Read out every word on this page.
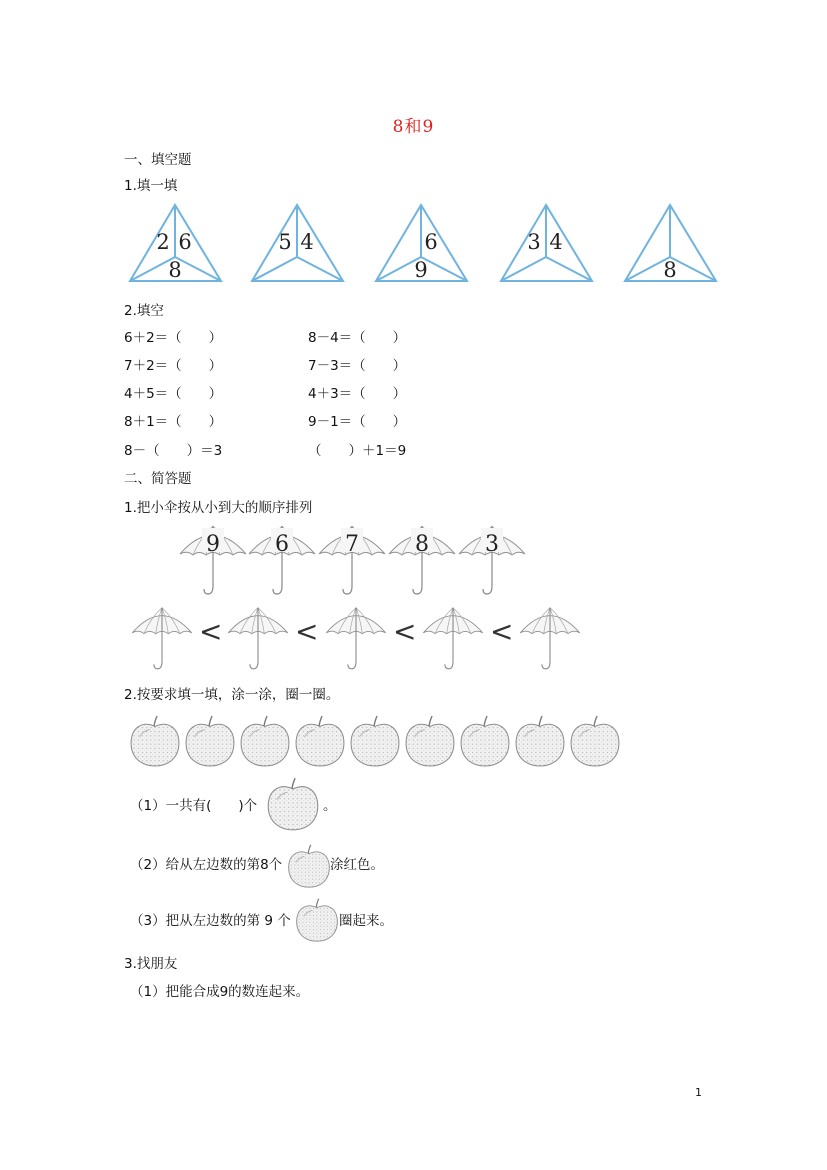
8和9
一、填空题
1.填一填
2 6
8
5 4	6
9
3 4
8
2.填空
6＋2＝（　　）	8－4＝（　　）
7＋2＝（　　）	7－3＝（　　）
4＋5＝（　　）	4＋3＝（　　）
8＋1＝（　　）	9－1＝（　　）
8－（　　）＝3	（　　）＋1＝9
二、简答题
1.把小伞按从小到大的顺序排列
9	6	7	8	3
<	<	<	<
2.按要求填一填，涂一涂，圈一圈。
（1）一共有(　　)个	。
（2）给从左边数的第8个	涂红色。
（3）把从左边数的第 9 个	圈起来。
3.找朋友
（1）把能合成9的数连起来。
1
